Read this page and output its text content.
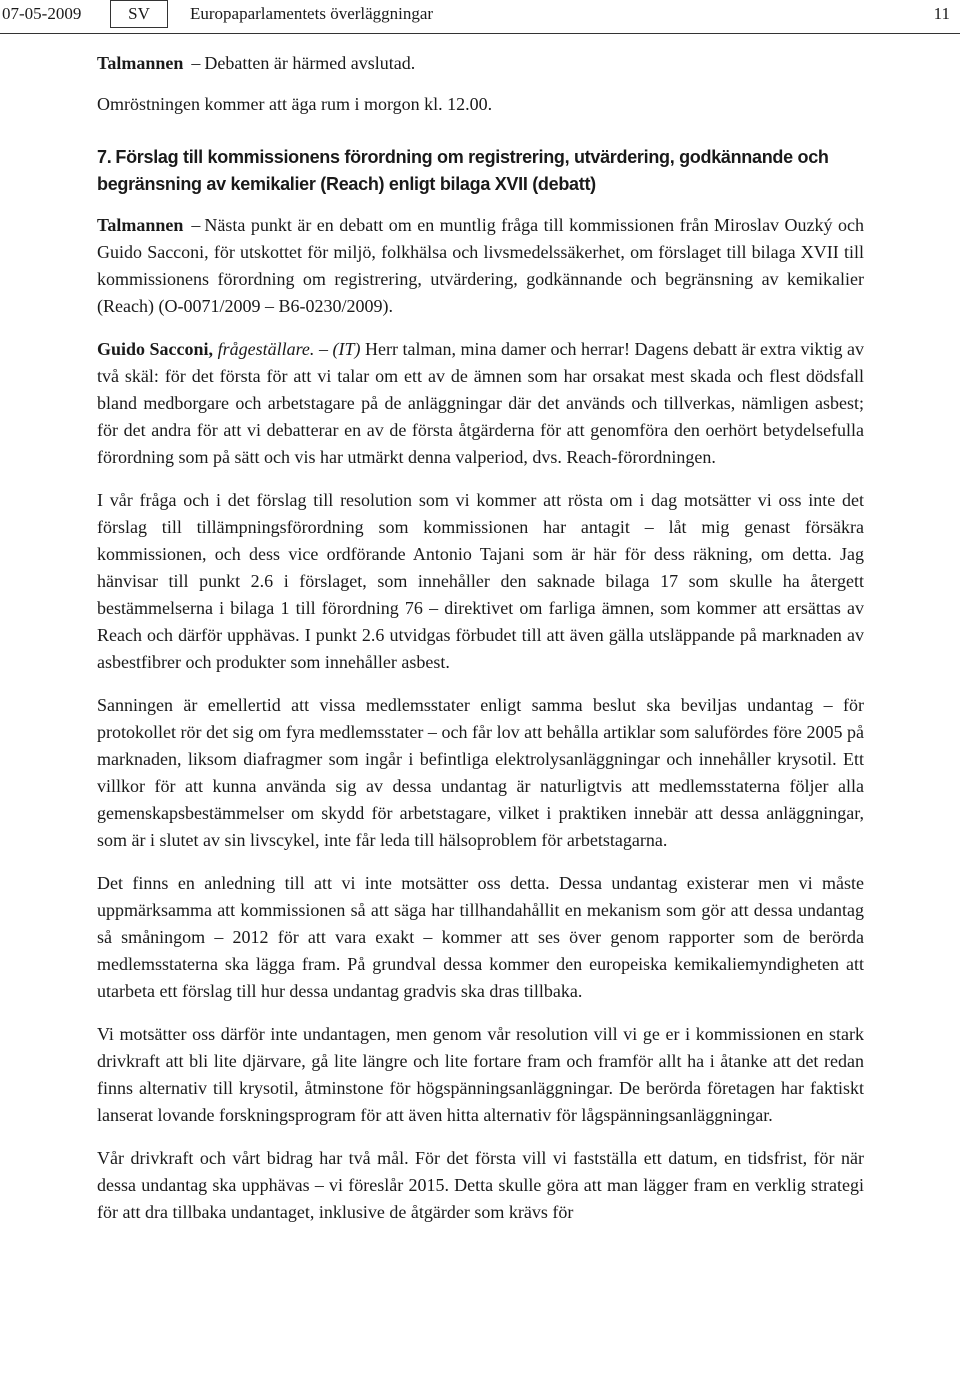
07-05-2009	SV	Europaparlamentets överläggningar	11

Talmannen – Debatten är härmed avslutad.

Omröstningen kommer att äga rum i morgon kl. 12.00.

7. Förslag till kommissionens förordning om registrering, utvärdering, godkännande och begränsning av kemikalier (Reach) enligt bilaga XVII (debatt)

Talmannen – Nästa punkt är en debatt om en muntlig fråga till kommissionen från Miroslav Ouzký och Guido Sacconi, för utskottet för miljö, folkhälsa och livsmedelssäkerhet, om förslaget till bilaga XVII till kommissionens förordning om registrering, utvärdering, godkännande och begränsning av kemikalier (Reach) (O-0071/2009 – B6-0230/2009).

Guido Sacconi, frågeställare. – (IT) Herr talman, mina damer och herrar! Dagens debatt är extra viktig av två skäl: för det första för att vi talar om ett av de ämnen som har orsakat mest skada och flest dödsfall bland medborgare och arbetstagare på de anläggningar där det används och tillverkas, nämligen asbest; för det andra för att vi debatterar en av de första åtgärderna för att genomföra den oerhört betydelsefulla förordning som på sätt och vis har utmärkt denna valperiod, dvs. Reach-förordningen.

I vår fråga och i det förslag till resolution som vi kommer att rösta om i dag motsätter vi oss inte det förslag till tillämpningsförordning som kommissionen har antagit – låt mig genast försäkra kommissionen, och dess vice ordförande Antonio Tajani som är här för dess räkning, om detta. Jag hänvisar till punkt 2.6 i förslaget, som innehåller den saknade bilaga 17 som skulle ha återgett bestämmelserna i bilaga 1 till förordning 76 – direktivet om farliga ämnen, som kommer att ersättas av Reach och därför upphävas. I punkt 2.6 utvidgas förbudet till att även gälla utsläppande på marknaden av asbestfibrer och produkter som innehåller asbest.

Sanningen är emellertid att vissa medlemsstater enligt samma beslut ska beviljas undantag – för protokollet rör det sig om fyra medlemsstater – och får lov att behålla artiklar som salufördes före 2005 på marknaden, liksom diafragmer som ingår i befintliga elektrolysanläggningar och innehåller krysotil. Ett villkor för att kunna använda sig av dessa undantag är naturligtvis att medlemsstaterna följer alla gemenskapsbestämmelser om skydd för arbetstagare, vilket i praktiken innebär att dessa anläggningar, som är i slutet av sin livscykel, inte får leda till hälsoproblem för arbetstagarna.

Det finns en anledning till att vi inte motsätter oss detta. Dessa undantag existerar men vi måste uppmärksamma att kommissionen så att säga har tillhandahållit en mekanism som gör att dessa undantag så småningom – 2012 för att vara exakt – kommer att ses över genom rapporter som de berörda medlemsstaterna ska lägga fram. På grundval dessa kommer den europeiska kemikaliemyndigheten att utarbeta ett förslag till hur dessa undantag gradvis ska dras tillbaka.

Vi motsätter oss därför inte undantagen, men genom vår resolution vill vi ge er i kommissionen en stark drivkraft att bli lite djärvare, gå lite längre och lite fortare fram och framför allt ha i åtanke att det redan finns alternativ till krysotil, åtminstone för högspänningsanläggningar. De berörda företagen har faktiskt lanserat lovande forskningsprogram för att även hitta alternativ för lågspänningsanläggningar.

Vår drivkraft och vårt bidrag har två mål. För det första vill vi fastställa ett datum, en tidsfrist, för när dessa undantag ska upphävas – vi föreslår 2015. Detta skulle göra att man lägger fram en verklig strategi för att dra tillbaka undantaget, inklusive de åtgärder som krävs för
